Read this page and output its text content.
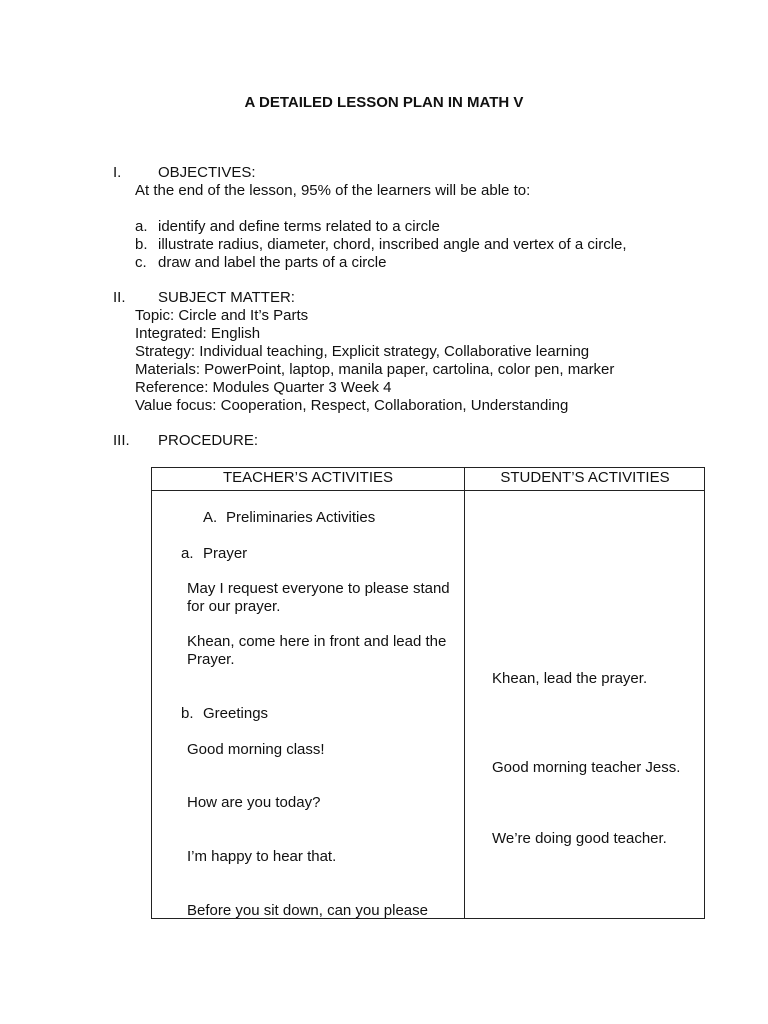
A DETAILED LESSON PLAN IN MATH V
I. OBJECTIVES:
At the end of the lesson, 95% of the learners will be able to:
a. identify and define terms related to a circle
b. illustrate radius, diameter, chord, inscribed angle and vertex of a circle,
c. draw and label the parts of a circle
II. SUBJECT MATTER:
Topic: Circle and It’s Parts
Integrated: English
Strategy: Individual teaching, Explicit strategy, Collaborative learning
Materials: PowerPoint, laptop, manila paper, cartolina, color pen, marker
Reference: Modules Quarter 3 Week 4
Value focus: Cooperation, Respect, Collaboration, Understanding
III. PROCEDURE:
TEACHER’S ACTIVITIES	STUDENT’S ACTIVITIES
A. Preliminaries Activities
a. Prayer
May I request everyone to please stand
for our prayer.
Khean, come here in front and lead the
Prayer.
b. Greetings
Good morning class!
How are you today?
I’m happy to hear that.
Before you sit down, can you please
Khean, lead the prayer.
Good morning teacher Jess.
We’re doing good teacher.
